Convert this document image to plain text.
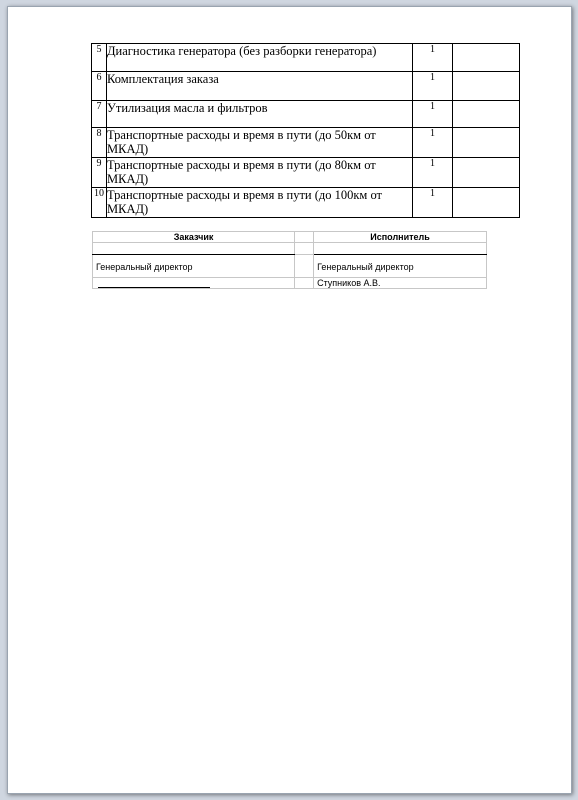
5	Диагностика генератора (без разборки генератора)	1	
6	Комплектация заказа	1	
7	Утилизация масла и фильтров	1	
8	Транспортные расходы и время в пути (до 50км от МКАД)	1	
9	Транспортные расходы и время в пути (до 80км от МКАД)	1	
10	Транспортные расходы и время в пути (до 100км от МКАД)	1	
Заказчик		Исполнитель

Генеральный директор		Генеральный директор

		Ступников А.В.
